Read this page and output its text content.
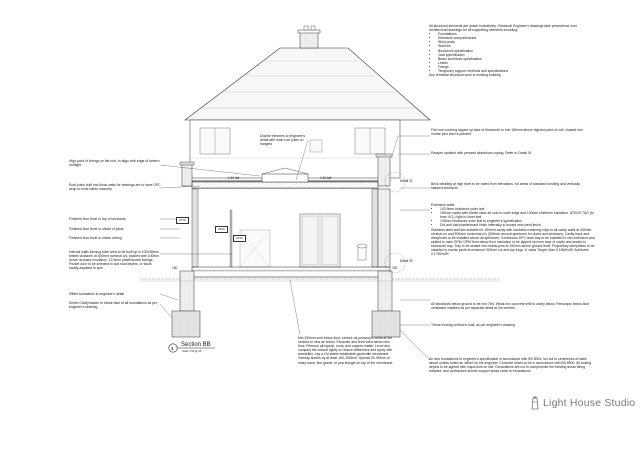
All structural elements are drawn indicatively. Structural Engineer's drawings take precedence over architectural drawings for all supporting elements including:
• Foundations
• Steelwork and padstones
• Wind posts
• Wall ties
• Blockwork specification
• Joist specification
• Beam and block specification
• Lintels
• Fixings
• Temporary support methods and specifications
Any remedial structural work to existing building
Double trimmers to engineer's detail with main roof joists on hangers
Flat roof covering lapped up face of blockwork to min 150mm above highest point of roof, chased into mortar joint and re-pointed
Parapet updated with pressed aluminium coping. Refer to Detail 01
High point of firrings on flat roof, to align with edge of lantern rooflight
Roof joists built into block walls for bearings are to have DPC wrap to ends within masonry
Brick detailing at high level to be noted from elevations, for areas of standard bonding and vertically stacked brickwork
Finished floor level to top of brickwork
Finished floor level to u/side of joists
Finished floor level to u/side ceiling
Internal walls forming toilet area to be built up in 100x38mm timber studwork at 400mm nominal c/s, packed with 100mm Isover acoustic insulation. 12.5mm plasterboard facings. Pocket door to be selected to suit stud depths, or studs locally adjusted in size
Offset foundation to engineer's detail
50mm Cavitymaster to inside face of all foundations as per engineer's drawing
Extension walls
• 102.5mm brickwork outer leaf
• 150mm cavity with 90mm clear air void to outer edge and 100mm Unitherm insulation. ATEOK T&G (to form VCL) light to inner leaf
• 100mm blockwork inner leaf to engineer's specification
• Dot and dab plasterboard finish internally to accept new paint finish
Stainless steel wall ties suitable for 150mm cavity with insulation retaining clips to all cavity walls at 450mm vertical c/s and 900mm horizontal c/s (300mm around apertures for doors and windows). Cavity trays and weepholes to be installed above all apertures. Continuous DPC level tray to be installed to min extension and sealed to main DPM. DPM from below floor insulation to be lapped up inner face of cavity and sealed to blockwork tray. Tray to be sealed into mortar joint at 150mm above ground level. Proprietary weepholes to be installed in mortar joints at minimum 900mm c/s and lap trays. U value Target: Max 0.18W/m2K Achieved: 0.17W/m2K
All blockwork below ground to be min 7kN. Weak mix concrete infill to cavity below. Periscopic below-floor ventilation installed as per separate detail at 3m centres.
Trench footing central to wall, as per engineer's drawing
Min 250mm void below floor, vented via periscopic vents at 3m centres to new air bricks. Excavate and level area below new floor. Remove all topsoil, roots, and organic matter. Level and compact the subsoil tightly to reduce settlement and spray with weedkiller. Lay a UV-stable breathable geotextile membrane. Overlap sheets by at least 150–300mm. Spread 25–50mm of sharp sand, fine gravel, or pea shingle on top of the membrane.
All new foundations to engineer's specification in accordance with BS 8004, set out to centrelines of walls above unless noted as 'offset' by the engineer. Concrete mixes to be in accordance with BS 8500. All footing depths to be agreed with inspectors on site. Excavations are not to compromise the existing areas being retained, and contractors should support areas close to excavations
Detail 02
Detail 03
1:40 fall	1:40 fall
2779
2520
2310
150	150
1 Section BB
Scale 1:50 @ A3
Light House Studio
